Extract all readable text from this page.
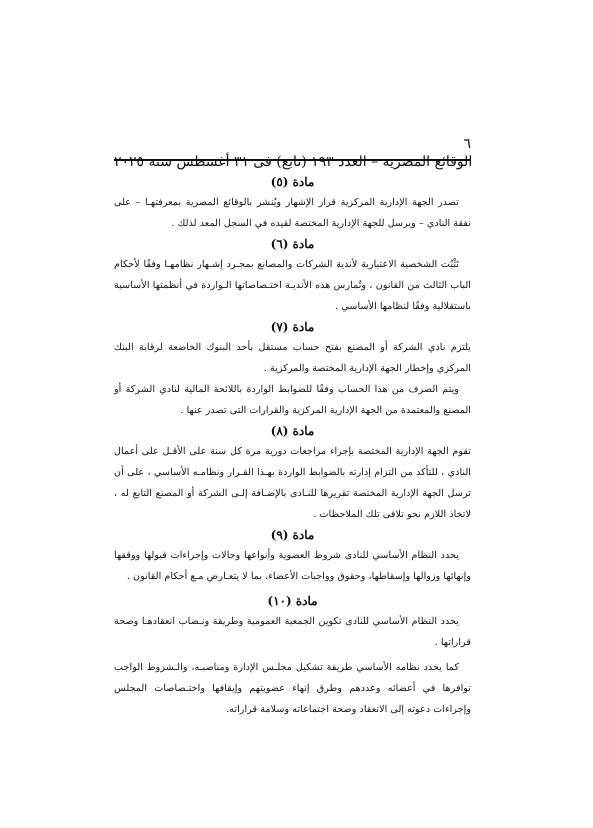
٦
الوقائع المصرية – العدد ١٩٣ (تابع) فى ٣١ أغسطس سنة ٢٠٢٥
مادة (٥)

تصدر الجهة الإدارية المركزية قرار الإشهار ويُنشر بالوقائع المصرية بمعرفتهـا – على نفقة النادي – ويرسل للجهة الإدارية المختصة لقيده في السجل المعد لذلك .

مادة (٦)

تَثْبُت الشخصية الاعتبارية لأندية الشركات والمصانع بمجـرد إشـهار نظامهـا وفقًا لأحكام الباب الثالث من القانون ، وتُمارس هذه الأنديـة اختـصاصاتها الـواردة في أنظمتها الأساسية باستقلالية وفقًا لنظامها الأساسي .

مادة (٧)

يلتزم نادي الشركة أو المصنع بفتح حساب مستقل بأحد البنوك الخاضعة لرقابة البنك المركزي وإخطار الجهة الإدارية المختصة والمركزية .

ويتم الصرف من هذا الحساب وفقًا للضوابط الواردة باللائحة المالية لنادي الشركة أو المصنع والمعتمدة من الجهة الإدارية المركزية والقرارات التى تصدر عنها .

مادة (٨)

تقوم الجهة الإدارية المختصة بإجراء مراجعات دورية مرة كل سنة على الأقـل على أعمال النادي ، للتأكد من التزام إدارته بالضوابط الواردة بهـذا القـرار ونظامـه الأساسي ، على أن ترسل الجهة الإدارية المختصة تقريرها للنـادى بالإضـافة إلـى الشركة أو المصنع التابع له ، لاتخاذ اللازم نحو تلافى تلك الملاحظات .

مادة (٩)

يحدد النظام الأساسي للنادى شروط العضوية وأنواعها وحالات وإجراءات قبولها ووقفها وإنهائها وزوالها وإسقاطها، وحقوق وواجبات الأعضاء، بما لا يتعـارض مـع أحكام القانون .

مادة (١٠)

يحدد النظام الأساسي للنادى تكوين الجمعية العمومية وطريقة ونـصاب انعقادهـا وصحة قراراتها .

كما يحدد نظامه الأساسي طريقة تشكيل مجلـس الإدارة ومناصبـه، والـشروط الواجب توافرها في أعضائه وعددهم وطرق إنهاء عضويتهم وإيقافها واختـصاصات المجلس وإجراءات دعوته إلى الانعقاد وصحة اجتماعاته وسلامة قراراته.
